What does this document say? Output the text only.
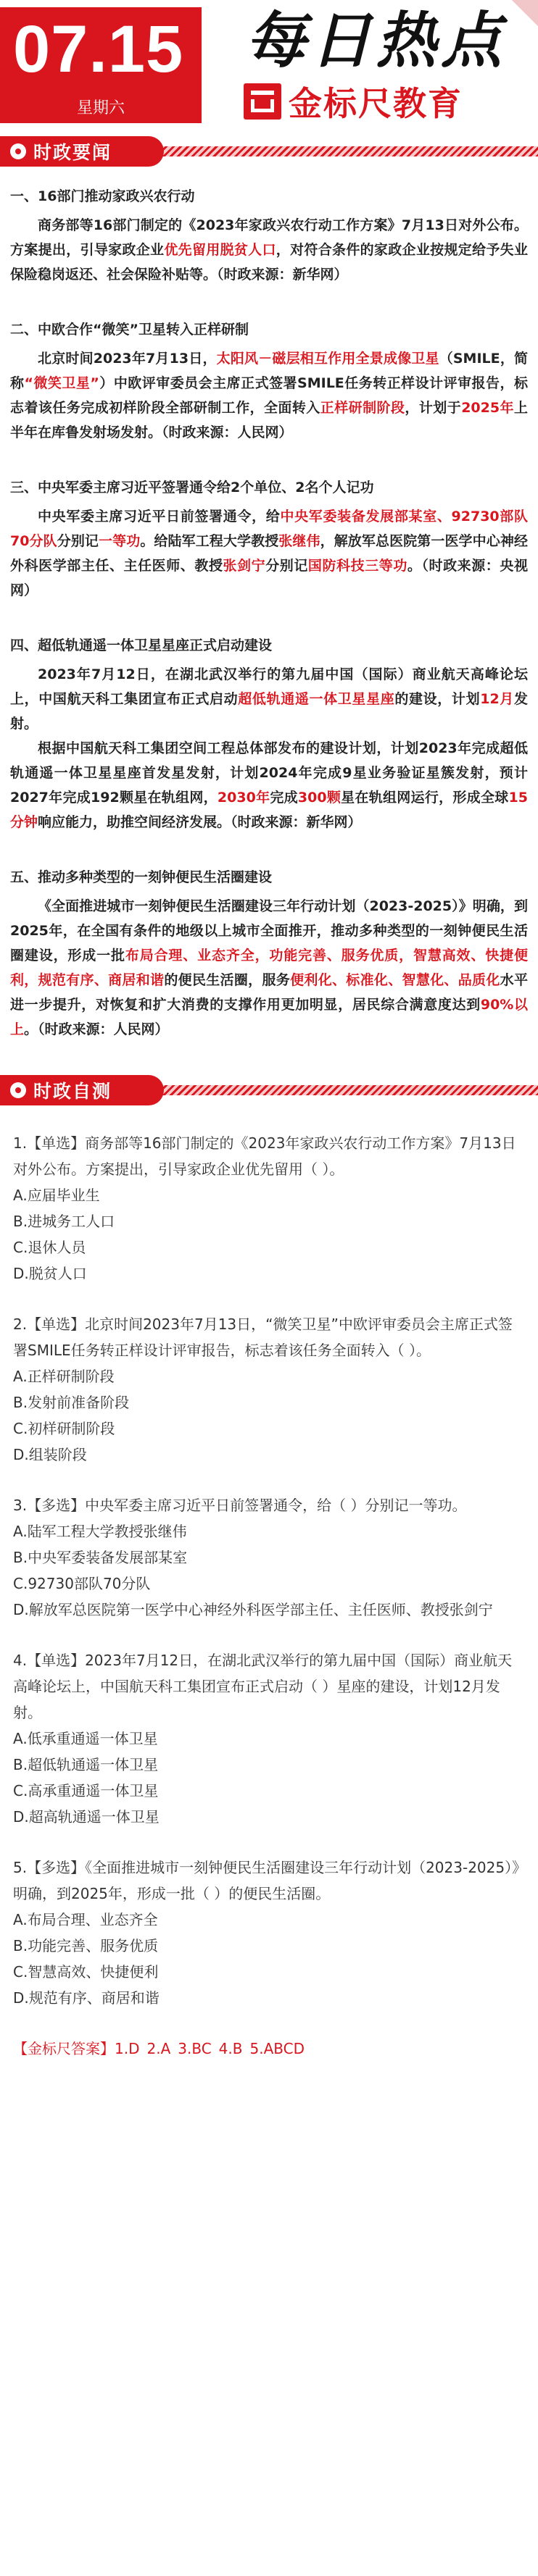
07.15
星期六
每日热点
金标尺教育
时政要闻
一、16部门推动家政兴农行动

商务部等16部门制定的《2023年家政兴农行动工作方案》7月13日对外公布。方案提出，引导家政企业优先留用脱贫人口，对符合条件的家政企业按规定给予失业保险稳岗返还、社会保险补贴等。（时政来源：新华网）

二、中欧合作“微笑”卫星转入正样研制

北京时间2023年7月13日，太阳风－磁层相互作用全景成像卫星（SMILE，简称“微笑卫星”）中欧评审委员会主席正式签署SMILE任务转正样设计评审报告，标志着该任务完成初样阶段全部研制工作，全面转入正样研制阶段，计划于2025年上半年在库鲁发射场发射。（时政来源：人民网）

三、中央军委主席习近平签署通令给2个单位、2名个人记功

中央军委主席习近平日前签署通令，给中央军委装备发展部某室、92730部队70分队分别记一等功。给陆军工程大学教授张继伟，解放军总医院第一医学中心神经外科医学部主任、主任医师、教授张剑宁分别记国防科技三等功。（时政来源：央视网）

四、超低轨通遥一体卫星星座正式启动建设

2023年7月12日，在湖北武汉举行的第九届中国（国际）商业航天高峰论坛上，中国航天科工集团宣布正式启动超低轨通遥一体卫星星座的建设，计划12月发射。

根据中国航天科工集团空间工程总体部发布的建设计划，计划2023年完成超低轨通遥一体卫星星座首发星发射，计划2024年完成9星业务验证星簇发射，预计2027年完成192颗星在轨组网，2030年完成300颗星在轨组网运行，形成全球15分钟响应能力，助推空间经济发展。（时政来源：新华网）

五、推动多种类型的一刻钟便民生活圈建设

《全面推进城市一刻钟便民生活圈建设三年行动计划（2023-2025）》明确，到2025年，在全国有条件的地级以上城市全面推开，推动多种类型的一刻钟便民生活圈建设，形成一批布局合理、业态齐全，功能完善、服务优质，智慧高效、快捷便利，规范有序、商居和谐的便民生活圈，服务便利化、标准化、智慧化、品质化水平进一步提升，对恢复和扩大消费的支撑作用更加明显，居民综合满意度达到90%以上。（时政来源：人民网）

时政自测

1.【单选】商务部等16部门制定的《2023年家政兴农行动工作方案》7月13日对外公布。方案提出，引导家政企业优先留用（ ）。

A.应届毕业生

B.进城务工人口

C.退休人员

D.脱贫人口

2.【单选】北京时间2023年7月13日，“微笑卫星”中欧评审委员会主席正式签署SMILE任务转正样设计评审报告，标志着该任务全面转入（ ）。

A.正样研制阶段

B.发射前准备阶段

C.初样研制阶段

D.组装阶段

3.【多选】中央军委主席习近平日前签署通令，给（ ）分别记一等功。

A.陆军工程大学教授张继伟

B.中央军委装备发展部某室

C.92730部队70分队

D.解放军总医院第一医学中心神经外科医学部主任、主任医师、教授张剑宁

4.【单选】2023年7月12日，在湖北武汉举行的第九届中国（国际）商业航天高峰论坛上，中国航天科工集团宣布正式启动（ ）星座的建设，计划12月发射。

A.低承重通遥一体卫星

B.超低轨通遥一体卫星

C.高承重通遥一体卫星

D.超高轨通遥一体卫星

5.【多选】《全面推进城市一刻钟便民生活圈建设三年行动计划（2023-2025）》明确，到2025年，形成一批（ ）的便民生活圈。

A.布局合理、业态齐全

B.功能完善、服务优质

C.智慧高效、快捷便利

D.规范有序、商居和谐

【金标尺答案】1.D 2.A 3.BC 4.B 5.ABCD
